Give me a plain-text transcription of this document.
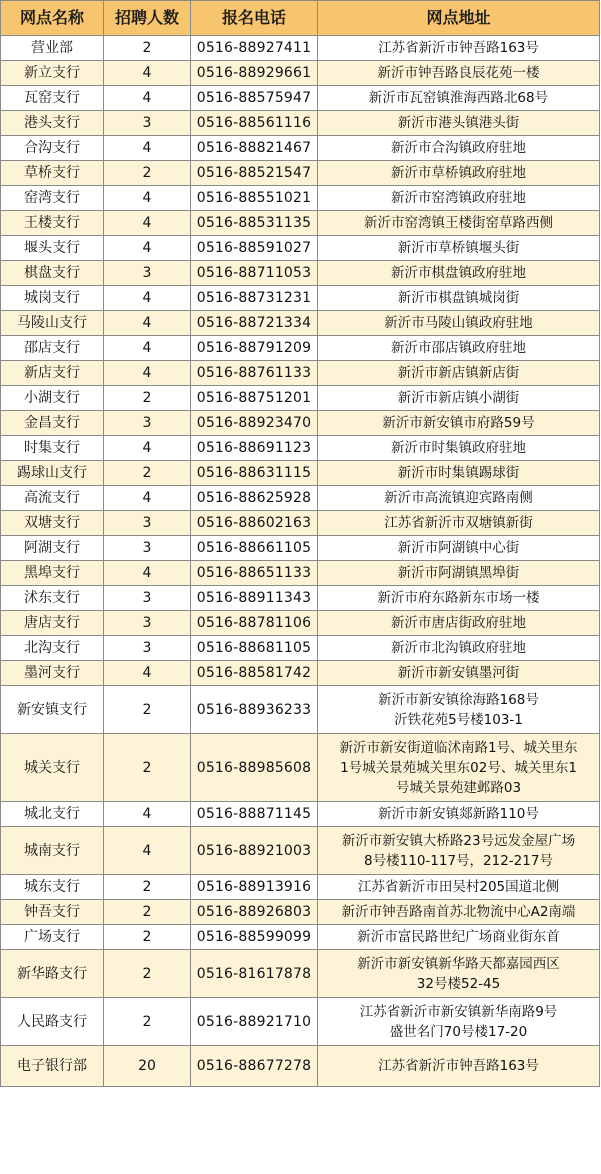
网点名称	招聘人数	报名电话	网点地址
营业部	2	0516-88927411	江苏省新沂市钟吾路163号

新立支行	4	0516-88929661	新沂市钟吾路良辰花苑一楼

瓦窑支行	4	0516-88575947	新沂市瓦窑镇淮海西路北68号

港头支行	3	0516-88561116	新沂市港头镇港头街

合沟支行	4	0516-88821467	新沂市合沟镇政府驻地

草桥支行	2	0516-88521547	新沂市草桥镇政府驻地

窑湾支行	4	0516-88551021	新沂市窑湾镇政府驻地

王楼支行	4	0516-88531135	新沂市窑湾镇王楼街窑草路西侧

堰头支行	4	0516-88591027	新沂市草桥镇堰头街

棋盘支行	3	0516-88711053	新沂市棋盘镇政府驻地

城岗支行	4	0516-88731231	新沂市棋盘镇城岗街

马陵山支行	4	0516-88721334	新沂市马陵山镇政府驻地

邵店支行	4	0516-88791209	新沂市邵店镇政府驻地

新店支行	4	0516-88761133	新沂市新店镇新店街

小湖支行	2	0516-88751201	新沂市新店镇小湖街

金昌支行	3	0516-88923470	新沂市新安镇市府路59号

时集支行	4	0516-88691123	新沂市时集镇政府驻地

踢球山支行	2	0516-88631115	新沂市时集镇踢球街

高流支行	4	0516-88625928	新沂市高流镇迎宾路南侧

双塘支行	3	0516-88602163	江苏省新沂市双塘镇新街

阿湖支行	3	0516-88661105	新沂市阿湖镇中心街

黑埠支行	4	0516-88651133	新沂市阿湖镇黑埠街

沭东支行	3	0516-88911343	新沂市府东路新东市场一楼

唐店支行	3	0516-88781106	新沂市唐店街政府驻地

北沟支行	3	0516-88681105	新沂市北沟镇政府驻地

墨河支行	4	0516-88581742	新沂市新安镇墨河街

新安镇支行	2	0516-88936233	新沂市新安镇徐海路168号
沂铁花苑5号楼103-1

城关支行	2	0516-88985608	新沂市新安街道临沭南路1号、城关里东
1号城关景苑城关里东02号、城关里东1
号城关景苑建邺路03

城北支行	4	0516-88871145	新沂市新安镇郯新路110号

城南支行	4	0516-88921003	新沂市新安镇大桥路23号远发金屋广场
8号楼110-117号，212-217号

城东支行	2	0516-88913916	江苏省新沂市田吴村205国道北侧

钟吾支行	2	0516-88926803	新沂市钟吾路南首苏北物流中心A2南端

广场支行	2	0516-88599099	新沂市富民路世纪广场商业街东首

新华路支行	2	0516-81617878	新沂市新安镇新华路天都嘉园西区
32号楼52-45

人民路支行	2	0516-88921710	江苏省新沂市新安镇新华南路9号
盛世名门70号楼17-20

电子银行部	20	0516-88677278	江苏省新沂市钟吾路163号
